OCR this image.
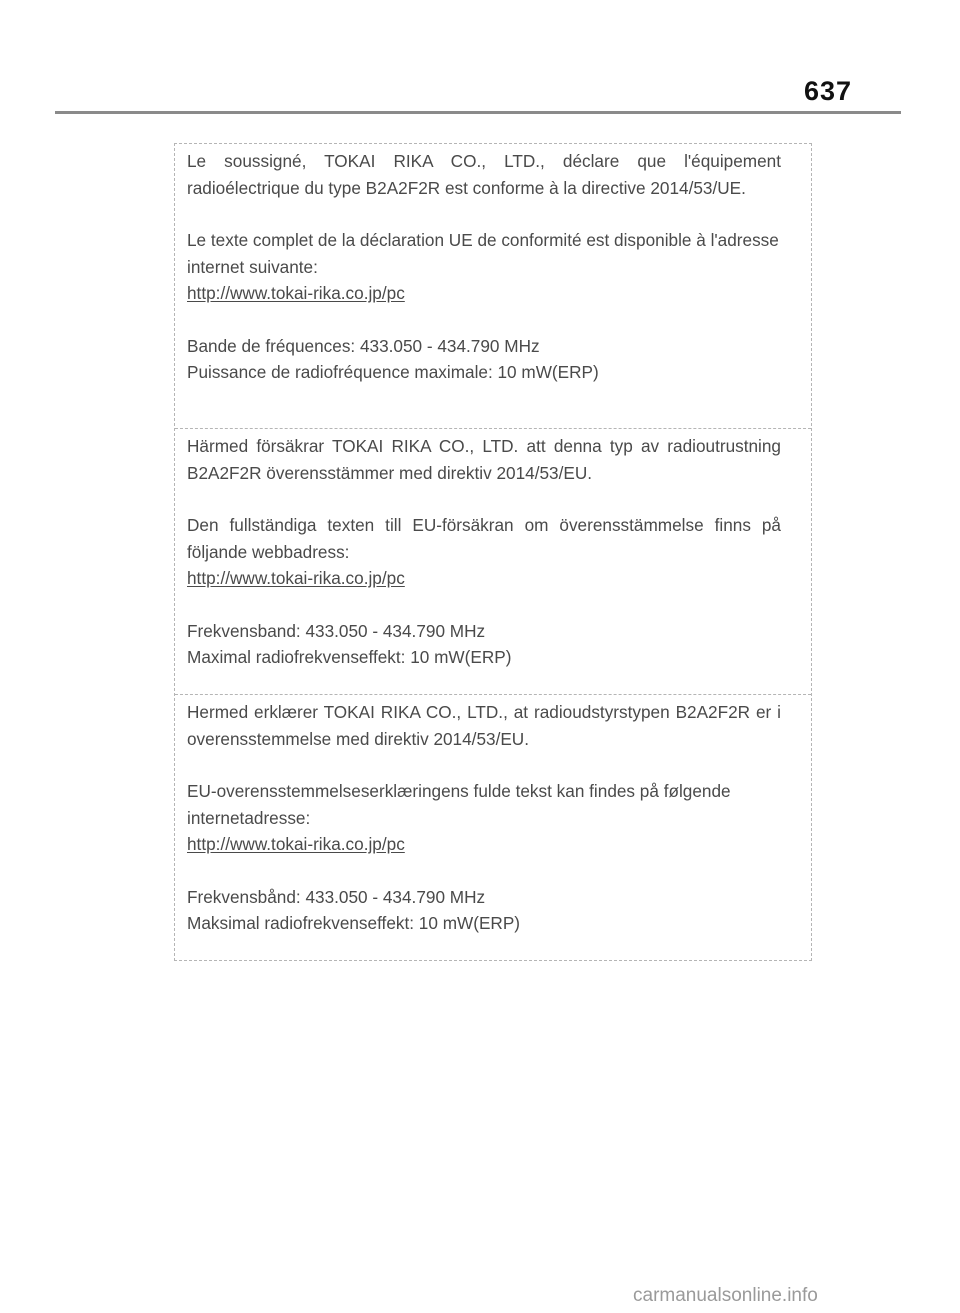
637

Le soussigné, TOKAI RIKA CO., LTD., déclare que l'équipement radioélectrique du type B2A2F2R est conforme à la directive 2014/53/UE.

Le texte complet de la déclaration UE de conformité est disponible à l'adresse internet suivante:
http://www.tokai-rika.co.jp/pc

Bande de fréquences: 433.050 - 434.790 MHz
Puissance de radiofréquence maximale: 10 mW(ERP)

Härmed försäkrar TOKAI RIKA CO., LTD. att denna typ av radioutrustning B2A2F2R överensstämmer med direktiv 2014/53/EU.

Den fullständiga texten till EU-försäkran om överensstämmelse finns på följande webbadress:
http://www.tokai-rika.co.jp/pc

Frekvensband: 433.050 - 434.790 MHz
Maximal radiofrekvenseffekt: 10 mW(ERP)

Hermed erklærer TOKAI RIKA CO., LTD., at radioudstyrstypen B2A2F2R er i overensstemmelse med direktiv 2014/53/EU.

EU-overensstemmelseserklæringens fulde tekst kan findes på følgende internetadresse:
http://www.tokai-rika.co.jp/pc

Frekvensbånd: 433.050 - 434.790 MHz
Maksimal radiofrekvenseffekt: 10 mW(ERP)
carmanualsonline.info
